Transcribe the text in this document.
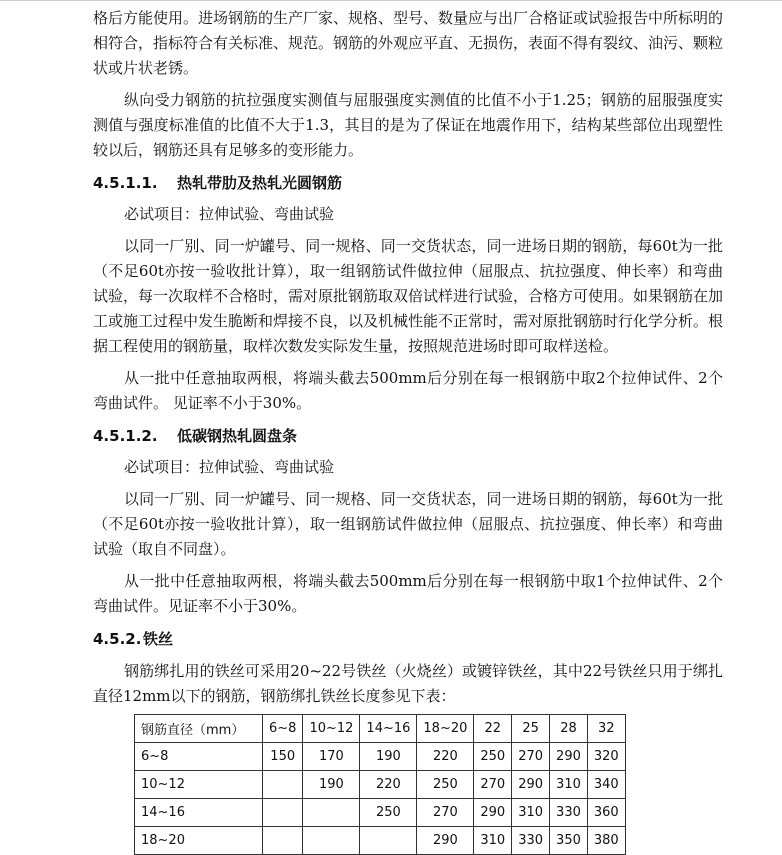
格后方能使用。进场钢筋的生产厂家、规格、型号、数量应与出厂合格证或试验报告中所标明的相符合，指标符合有关标准、规范。钢筋的外观应平直、无损伤，表面不得有裂纹、油污、颗粒状或片状老锈。

纵向受力钢筋的抗拉强度实测值与屈服强度实测值的比值不小于1.25；钢筋的屈服强度实测值与强度标准值的比值不大于1.3，其目的是为了保证在地震作用下，结构某些部位出现塑性较以后，钢筋还具有足够多的变形能力。

4.5.1.1. 热轧带肋及热轧光圆钢筋

必试项目：拉伸试验、弯曲试验

以同一厂别、同一炉罐号、同一规格、同一交货状态，同一进场日期的钢筋，每60t为一批（不足60t亦按一验收批计算），取一组钢筋试件做拉伸（屈服点、抗拉强度、伸长率）和弯曲试验，每一次取样不合格时，需对原批钢筋取双倍试样进行试验，合格方可使用。如果钢筋在加工或施工过程中发生脆断和焊接不良，以及机械性能不正常时，需对原批钢筋时行化学分析。根据工程使用的钢筋量，取样次数发实际发生量，按照规范进场时即可取样送检。

从一批中任意抽取两根，将端头截去500mm后分别在每一根钢筋中取2个拉伸试件、2个弯曲试件。 见证率不小于30%。

4.5.1.2. 低碳钢热轧圆盘条

必试项目：拉伸试验、弯曲试验

以同一厂别、同一炉罐号、同一规格、同一交货状态，同一进场日期的钢筋，每60t为一批（不足60t亦按一验收批计算），取一组钢筋试件做拉伸（屈服点、抗拉强度、伸长率）和弯曲试验（取自不同盘）。

从一批中任意抽取两根，将端头截去500mm后分别在每一根钢筋中取1个拉伸试件、2个弯曲试件。见证率不小于30%。

4.5.2. 铁丝

钢筋绑扎用的铁丝可采用20~22号铁丝（火烧丝）或镀锌铁丝，其中22号铁丝只用于绑扎直径12mm以下的钢筋，钢筋绑扎铁丝长度参见下表：

钢筋直径（mm）	6~8	10~12	14~16	18~20	22	25	28	32
6~8	150	170	190	220	250	270	290	320
10~12		190	220	250	270	290	310	340
14~16			250	270	290	310	330	360
18~20				290	310	330	350	380
